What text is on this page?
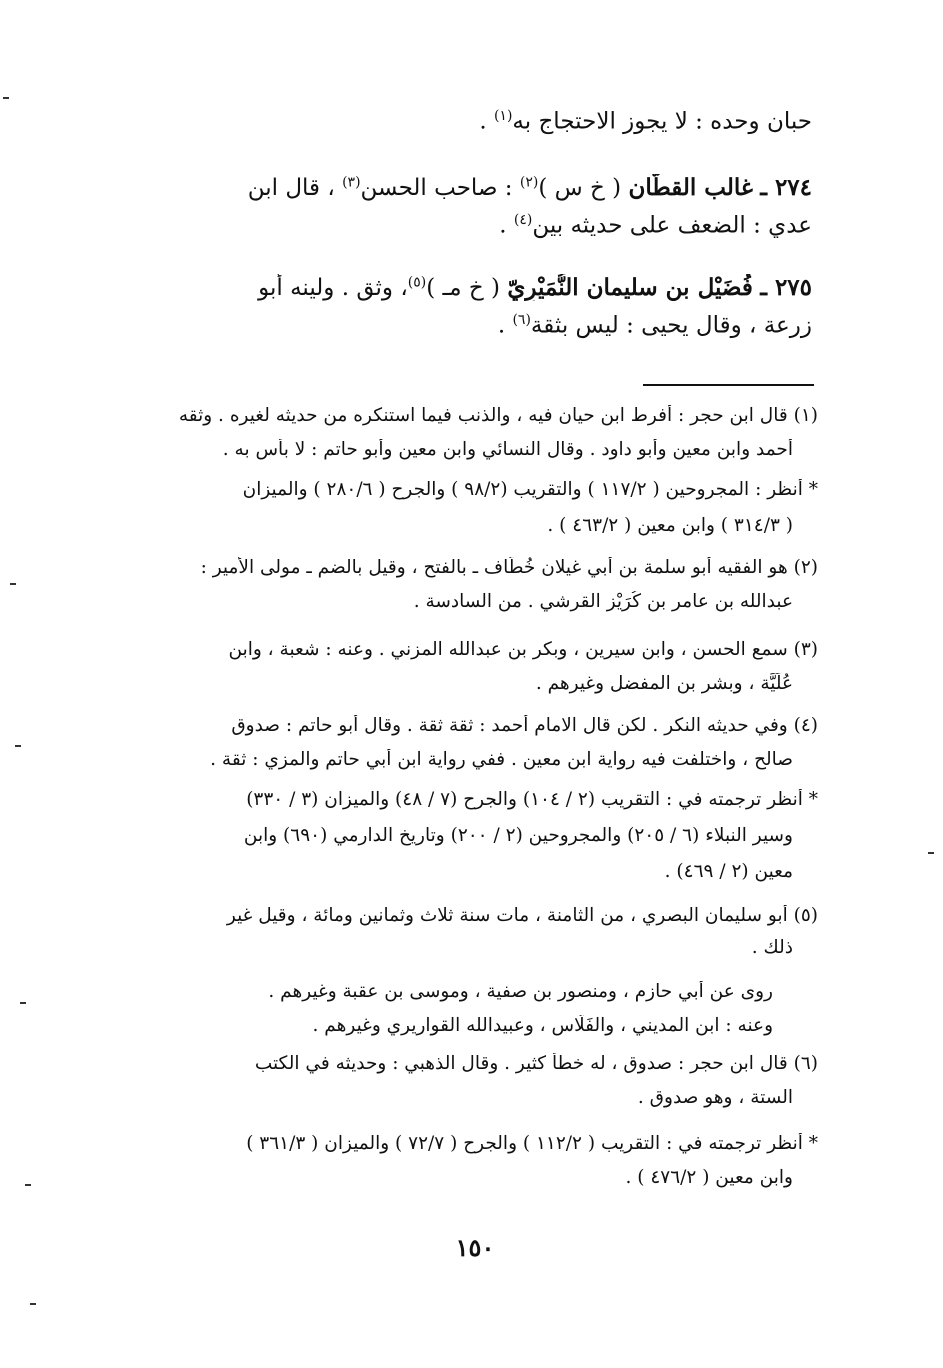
حبان وحده : لا يجوز الاحتجاج به$^{(١)}$ .
٢٧٤ ـ غالب القطّان ( خ س )$^{(٢)}$ : صاحب الحسن$^{(٣)}$ ، قال ابن
عدي : الضعف على حديثه بين$^{(٤)}$ .
٢٧٥ ـ فُضَيْل بن سليمان النُّمَيْرِيّ ( خ مـ )$^{(٥)}$، وثق . ولينه أبو
زرعة ، وقال يحيى : ليس بثقة$^{(٦)}$ .
(١) قال ابن حجر : أفرط ابن حيان فيه ، والذنب فيما استنكره من حديثه لغيره . وثقه
أحمد وابن معين وأبو داود . وقال النسائي وابن معين وأبو حاتم : لا بأس به .
* أنظر : المجروحين ( ١١٧/٢ ) والتقريب (٩٨/٢ ) والجرح ( ٢٨٠/٦ ) والميزان
( ٣١٤/٣ ) وابن معين ( ٤٦٣/٢ ) .
(٢) هو الفقيه أبو سلمة بن أبي غيلان خُطّاف ـ بالفتح ، وقيل بالضم ـ مولى الأمير :
عبدالله بن عامر بن كُرَيْز القرشي . من السادسة .
(٣) سمع الحسن ، وابن سيرين ، وبكر بن عبدالله المزني . وعنه : شعبة ، وابن
عُلَيَّة ، وبشر بن المفضل وغيرهم .
(٤) وفي حديثه النكر . لكن قال الامام أحمد : ثقة ثقة . وقال أبو حاتم : صدوق
صالح ، واختلفت فيه رواية ابن معين . ففي رواية ابن أبي حاتم والمزي : ثقة .
* أنظر ترجمته في : التقريب (٢ / ١٠٤) والجرح (٧ / ٤٨) والميزان (٣ / ٣٣٠)
وسير النبلاء (٦ / ٢٠٥) والمجروحين (٢ / ٢٠٠) وتاريخ الدارمي (٦٩٠) وابن
معين (٢ / ٤٦٩) .
(٥) أبو سليمان البصري ، من الثامنة ، مات سنة ثلاث وثمانين ومائة ، وقيل غير
ذلك .
روى عن أبي حازم ، ومنصور بن صفية ، وموسى بن عقبة وغيرهم .
وعنه : ابن المديني ، والفَلّاس ، وعبيدالله القواريري وغيرهم .
(٦) قال ابن حجر : صدوق ، له خطأ كثير . وقال الذهبي : وحديثه في الكتب
الستة ، وهو صدوق .
* أنظر ترجمته في : التقريب ( ١١٢/٢ ) والجرح ( ٧٢/٧ ) والميزان ( ٣٦١/٣ )
وابن معين ( ٤٧٦/٢ ) .
١٥٠
